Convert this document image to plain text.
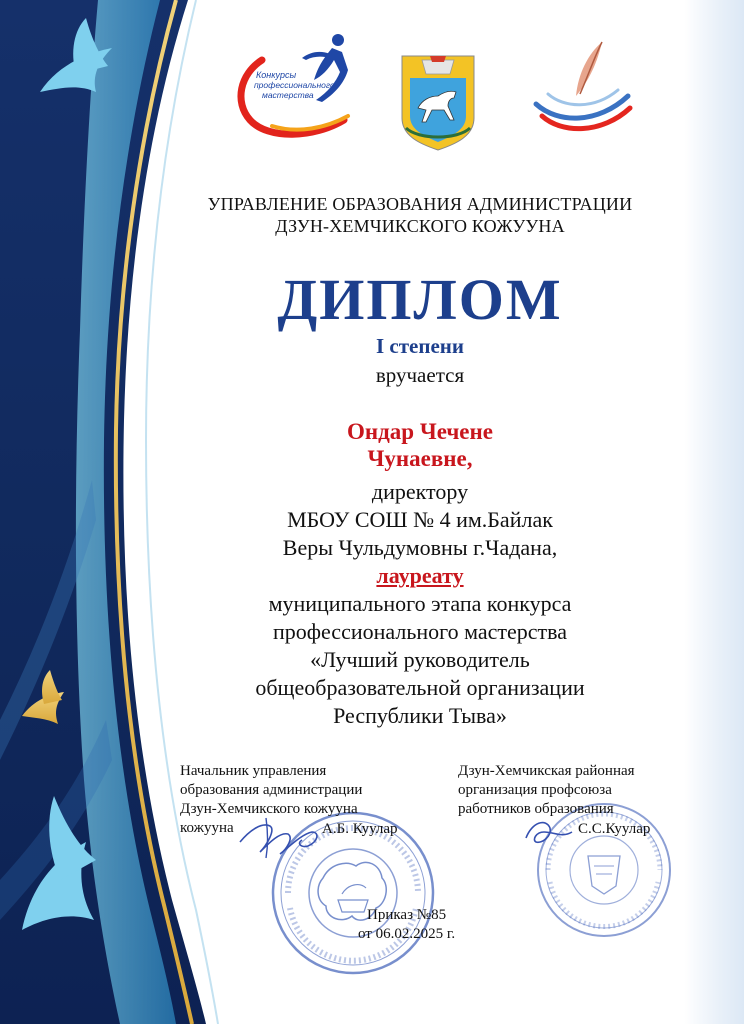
Конкурсы
профессионального
мастерства
УПРАВЛЕНИЕ ОБРАЗОВАНИЯ АДМИНИСТРАЦИИ
ДЗУН-ХЕМЧИКСКОГО КОЖУУНА
ДИПЛОМ
I степени
вручается
Ондар Чечене
Чунаевне,
директору
МБОУ СОШ № 4 им.Байлак
Веры Чульдумовны г.Чадана,
лауреату
муниципального этапа конкурса
профессионального мастерства
«Лучший руководитель
общеобразовательной организации
Республики Тыва»
Начальник управления
образования администрации
Дзун-Хемчикского кожууна
кожууна	А.Б. Куулар
Дзун-Хемчикская районная
организация профсоюза
работников образования
С.С.Куулар
Приказ №85
от 06.02.2025 г.
